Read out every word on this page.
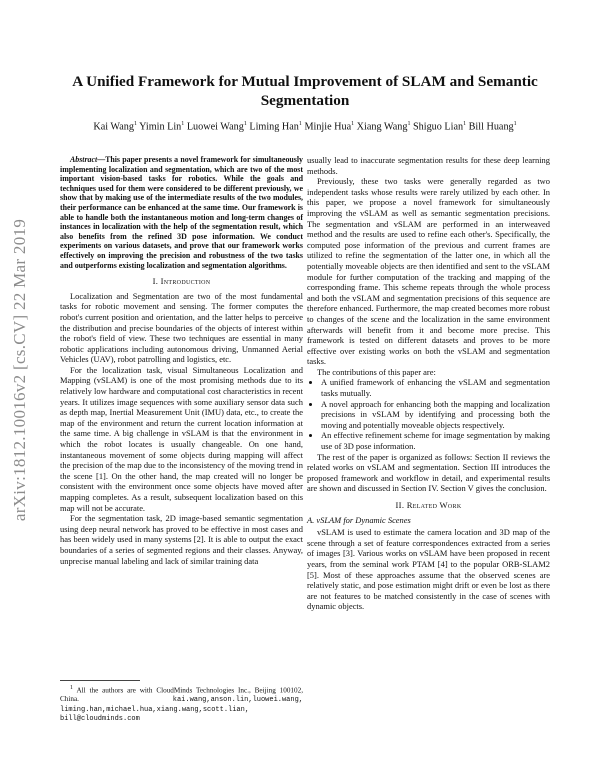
arXiv:1812.10016v2 [cs.CV] 22 Mar 2019
A Unified Framework for Mutual Improvement of SLAM and Semantic Segmentation
Kai Wang$^1$ Yimin Lin$^1$ Luowei Wang$^1$ Liming Han$^1$ Minjie Hua$^1$ Xiang Wang$^1$ Shiguo Lian$^1$ Bill Huang$^1$

Abstract—This paper presents a novel framework for simultaneously implementing localization and segmentation, which are two of the most important vision-based tasks for robotics. While the goals and techniques used for them were considered to be different previously, we show that by making use of the intermediate results of the two modules, their performance can be enhanced at the same time. Our framework is able to handle both the instantaneous motion and long-term changes of instances in localization with the help of the segmentation result, which also benefits from the refined 3D pose information. We conduct experiments on various datasets, and prove that our framework works effectively on improving the precision and robustness of the two tasks and outperforms existing localization and segmentation algorithms.

I. Introduction

Localization and Segmentation are two of the most fundamental tasks for robotic movement and sensing. The former computes the robot's current position and orientation, and the latter helps to perceive the distribution and precise boundaries of the objects of interest within the robot's field of view. These two techniques are essential in many robotic applications including autonomous driving, Unmanned Aerial Vehicles (UAV), robot patrolling and logistics, etc.

For the localization task, visual Simultaneous Localization and Mapping (vSLAM) is one of the most promising methods due to its relatively low hardware and computational cost characteristics in recent years. It utilizes image sequences with some auxiliary sensor data such as depth map, Inertial Measurement Unit (IMU) data, etc., to create the map of the environment and return the current location information at the same time. A big challenge in vSLAM is that the environment in which the robot locates is usually changeable. On one hand, instantaneous movement of some objects during mapping will affect the precision of the map due to the inconsistency of the moving trend in the scene [1]. On the other hand, the map created will no longer be consistent with the environment once some objects have moved after mapping completes. As a result, subsequent localization based on this map will not be accurate.

For the segmentation task, 2D image-based semantic segmentation using deep neural network has proved to be effective in most cases and has been widely used in many systems [2]. It is able to output the exact boundaries of a series of segmented regions and their classes. Anyway, unprecise manual labeling and lack of similar training data

$^1$ All the authors are with CloudMinds Technologies Inc., Beijing 100102, China.	kai.wang,anson.lin,luowei.wang, liming.han,michael.hua,xiang.wang,scott.lian, bill@cloudminds.com

usually lead to inaccurate segmentation results for these deep learning methods.

Previously, these two tasks were generally regarded as two independent tasks whose results were rarely utilized by each other. In this paper, we propose a novel framework for simultaneously improving the vSLAM as well as semantic segmentation precisions. The segmentation and vSLAM are performed in an interweaved method and the results are used to refine each other's. Specifically, the computed pose information of the previous and current frames are utilized to refine the segmentation of the latter one, in which all the potentially moveable objects are then identified and sent to the vSLAM module for further computation of the tracking and mapping of the corresponding frame. This scheme repeats through the whole process and both the vSLAM and segmentation precisions of this sequence are therefore enhanced. Furthermore, the map created becomes more robust to changes of the scene and the localization in the same environment afterwards will benefit from it and become more precise. This framework is tested on different datasets and proves to be more effective over existing works on both the vSLAM and segmentation tasks.

The contributions of this paper are:

• A unified framework of enhancing the vSLAM and segmentation tasks mutually.
• A novel approach for enhancing both the mapping and localization precisions in vSLAM by identifying and processing both the moving and potentially moveable objects respectively.
• An effective refinement scheme for image segmentation by making use of 3D pose information.

The rest of the paper is organized as follows: Section II reviews the related works on vSLAM and segmentation. Section III introduces the proposed framework and workflow in detail, and experimental results are shown and discussed in Section IV. Section V gives the conclusion.

II. Related Work
A. vSLAM for Dynamic Scenes

vSLAM is used to estimate the camera location and 3D map of the scene through a set of feature correspondences extracted from a series of images [3]. Various works on vSLAM have been proposed in recent years, from the seminal work PTAM [4] to the popular ORB-SLAM2 [5]. Most of these approaches assume that the observed scenes are relatively static, and pose estimation might drift or even be lost as there are not features to be matched consistently in the case of scenes with dynamic objects.
